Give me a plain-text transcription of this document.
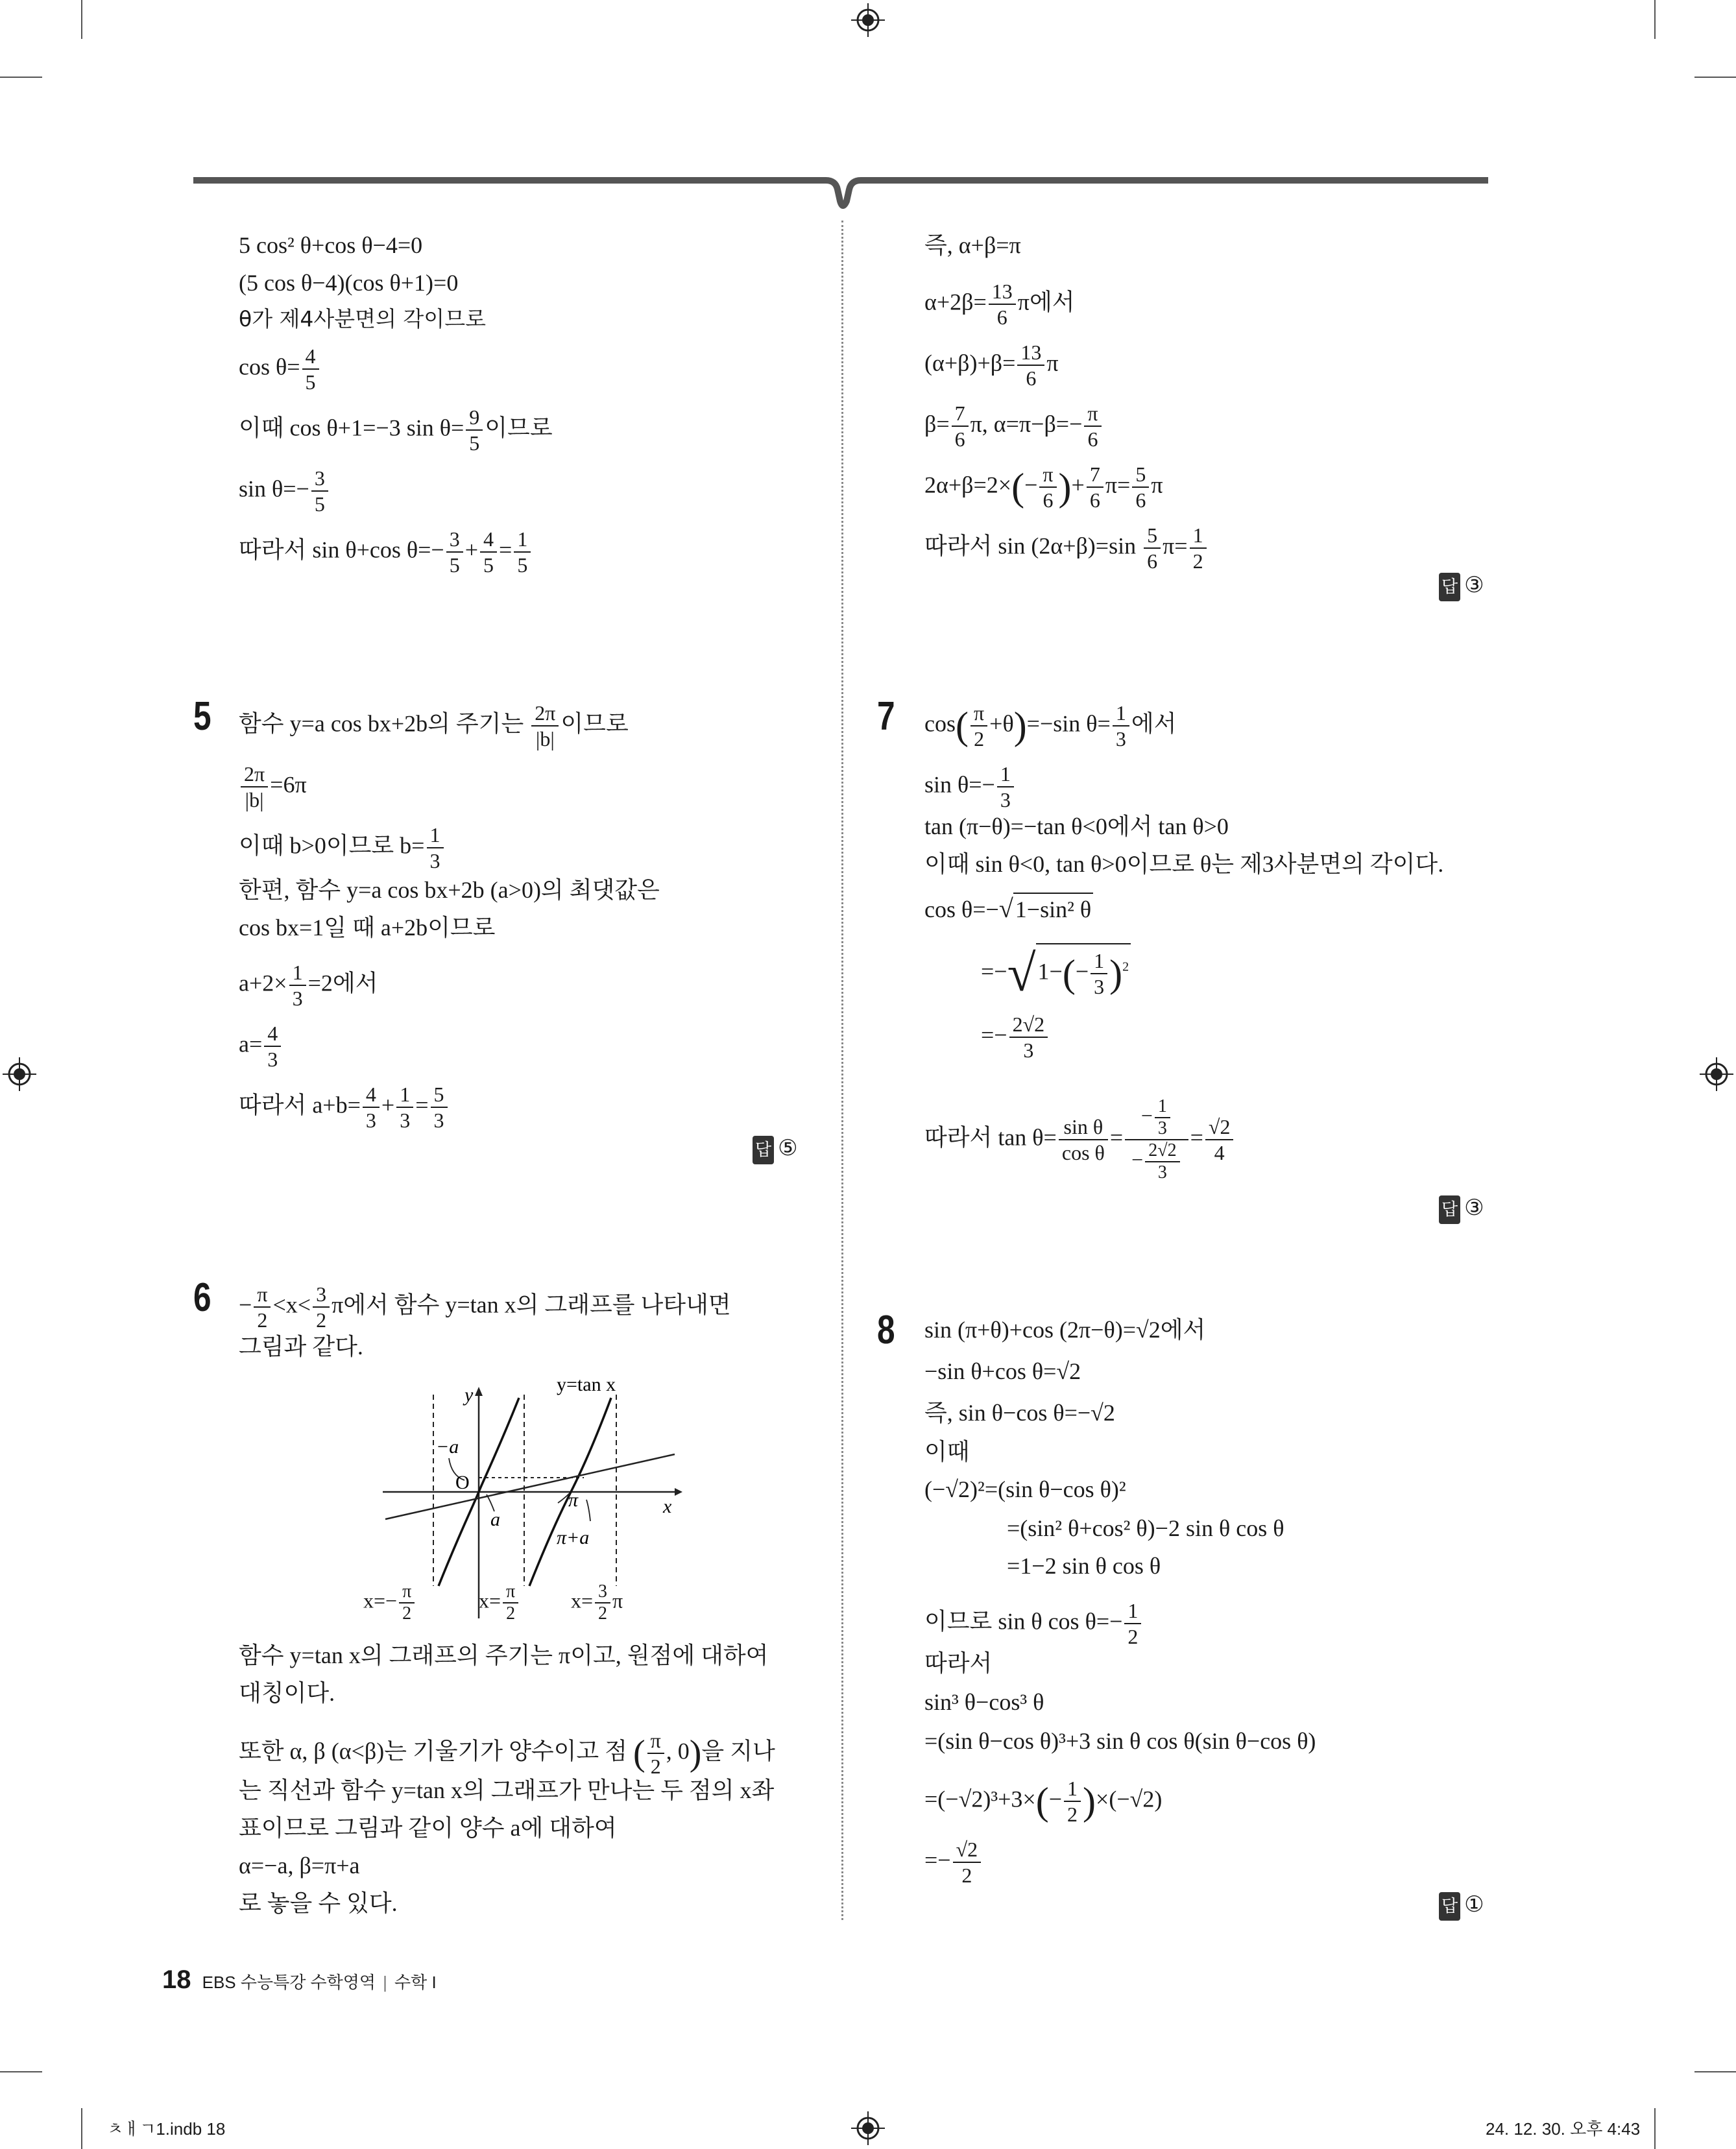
5 cos² θ+cos θ−4=0
(5 cos θ−4)(cos θ+1)=0
θ가 제4사분면의 각이므로
$\cos \theta= \frac{4}{5}$
이때 cos θ+1=−3 $\sin \theta= \frac{9}{5}$ 이므로
$\sin \theta=- \frac{3}{5}$
따라서 sin θ+cos $\theta=- \frac{3}{5} + \frac{4}{5} = \frac{1}{5}$
5 함수 y=a cos bx+2b의 주기는 $\frac{2\pi}{|b|}$ 이므로
$\frac{2\pi}{|b|} =6\pi$
이때 b>0이므로 $b= \frac{1}{3}$
한편, 함수 y=a cos bx+2b (a>0)의 최댓값은
cos bx=1일 때 a+2b이므로
$a+2\times \frac{1}{3} =2$에서
$a= \frac{4}{3}$
따라서 $a+b= \frac{4}{3} + \frac{1}{3} = \frac{5}{3}$
답 ⑤
$6 - \frac{\pi}{2} <x< \frac{3}{2}$ π에서 함수 y=tan x의 그래프를 나타내면
그림과 같다.
y
x
y=tan x
O
−a
a
π
π+a
$x=- \frac{\pi}{2}$	$x= \frac{\pi}{2}$	$x= \frac{3}{2}$ π
함수 y=tan x의 그래프의 주기는 π이고, 원점에 대하여
대칭이다.
또한 α, β (α<β)는 기울기가 양수이고 점 ( $\frac{\pi}{2}$ , 0)을 지나
는 직선과 함수 y=tan x의 그래프가 만나는 두 점의 x좌
표이므로 그림과 같이 양수 a에 대하여
α=−a, β=π+a
로 놓을 수 있다.
즉, α+β=π
$\alpha+2\beta= \frac{13}{6}$ π에서
$(\alpha+\beta)+\beta= \frac{13}{6}$ π
$\beta= \frac{7}{6} \pi$, $\alpha=\pi-\beta=- \frac{\pi}{6}$
$2\alpha+\beta=2\times(- \frac{\pi}{6}$ )+ $\frac{7}{6} \pi= \frac{5}{6}$ π
따라서 $\sin (2\alpha+\beta)=\sin \frac{5}{6} \pi= \frac{1}{2}$
답 ③
7 $\cos( \frac{\pi}{2} +\theta)=-\sin$ $\theta= \frac{1}{3}$ 에서
$\sin \theta=- \frac{1}{3}$
tan (π−θ)=−tan θ<0에서 tan θ>0
이때 sin θ<0, tan θ>0이므로 θ는 제3사분면의 각이다.
cos θ=−√1−sin² θ
$=-√1-(- \frac{1}{3} )^2$
=− $\frac{2√2}{3}$
따라서 $\tan \theta= \frac{\text{sin θ}}{\text{cos θ}} = \frac{- \frac{1}{3}}{- \frac{2√2}{3}} = \frac{√2}{4}$
답 ③
8 sin (π+θ)+cos (2π−θ)=√2에서
−sin θ+cos θ=√2
즉, sin θ−cos θ=−√2
이때
(−√2)²=(sin θ−cos θ)²
=(sin² θ+cos² θ)−2 sin θ cos θ
=1−2 sin θ cos θ
이므로 sin θ $\cos \theta=- \frac{1}{2}$
따라서
sin³ θ−cos³ θ
=(sin θ−cos θ)³+3 sin θ cos θ(sin θ−cos θ)
$=(-√2)^3+3\times(- \frac{1}{2} )\times(-√2)$
=− $\frac{√2}{2}$
답 ①
18 EBS 수능특강 수학영역 | 수학 I
ㅊㅐㄱ1.indb 18	24. 12. 30. 오후 4:43
